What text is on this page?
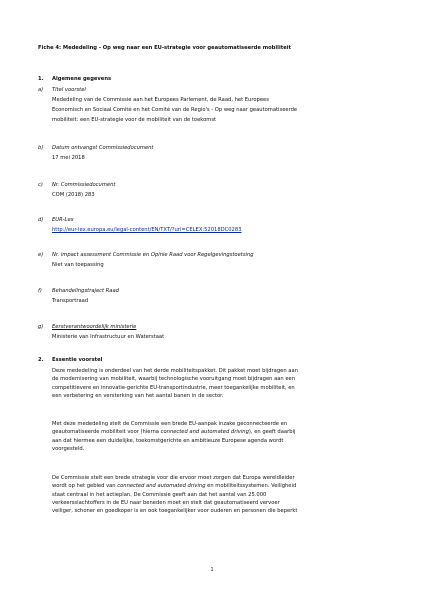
Fiche 4: Mededeling - Op weg naar een EU-strategie voor geautomatiseerde mobiliteit
1. Algemene gegevens
a) Titel voorstel
Mededeling van de Commissie aan het Europees Parlement, de Raad, het Europees
Economisch en Sociaal Comité en het Comité van de Regio's - Op weg naar geautomatiseerde
mobiliteit: een EU-strategie voor de mobiliteit van de toekomst
b) Datum ontvangst Commissiedocument
17 mei 2018
c) Nr. Commissiedocument
COM (2018) 283
d) EUR-Lex
http://eur-lex.europa.eu/legal-content/EN/TXT/?uri=CELEX:52018DC0283
e) Nr. impact assessment Commissie en Opinie Raad voor Regelgevingstoetsing
Niet van toepassing
f) Behandelingstraject Raad
Transportraad
g) Eerstverantwoordelijk ministerie
Ministerie van Infrastructuur en Waterstaat
2. Essentie voorstel
Deze mededeling is onderdeel van het derde mobiliteitspakket. Dit pakket moet bijdragen aan
de modernisering van mobiliteit, waarbij technologische vooruitgang moet bijdragen aan een
competitievere en innovatie-gerichte EU-transportindustrie, meer toegankelijke mobiliteit, en
een verbetering en versterking van het aantal banen in de sector.
Met deze mededeling stelt de Commissie een brede EU-aanpak inzake geconnecteerde en
geautomatiseerde mobiliteit voor (hierna connected and automated driving), en geeft daarbij
aan dat hiermee een duidelijke, toekomstgerichte en ambitieuze Europese agenda wordt
voorgesteld.
De Commissie stelt een brede strategie voor die ervoor moet zorgen dat Europa wereldleider
wordt op het gebied van connected and automated driving en mobiliteitssystemen. Veiligheid
staat centraal in het actieplan. De Commissie geeft aan dat het aantal van 25.000
verkeersslachtoffers in de EU naar beneden moet en stelt dat geautomatiseerd vervoer
veiliger, schoner en goedkoper is en ook toegankelijker voor ouderen en personen die beperkt
1
